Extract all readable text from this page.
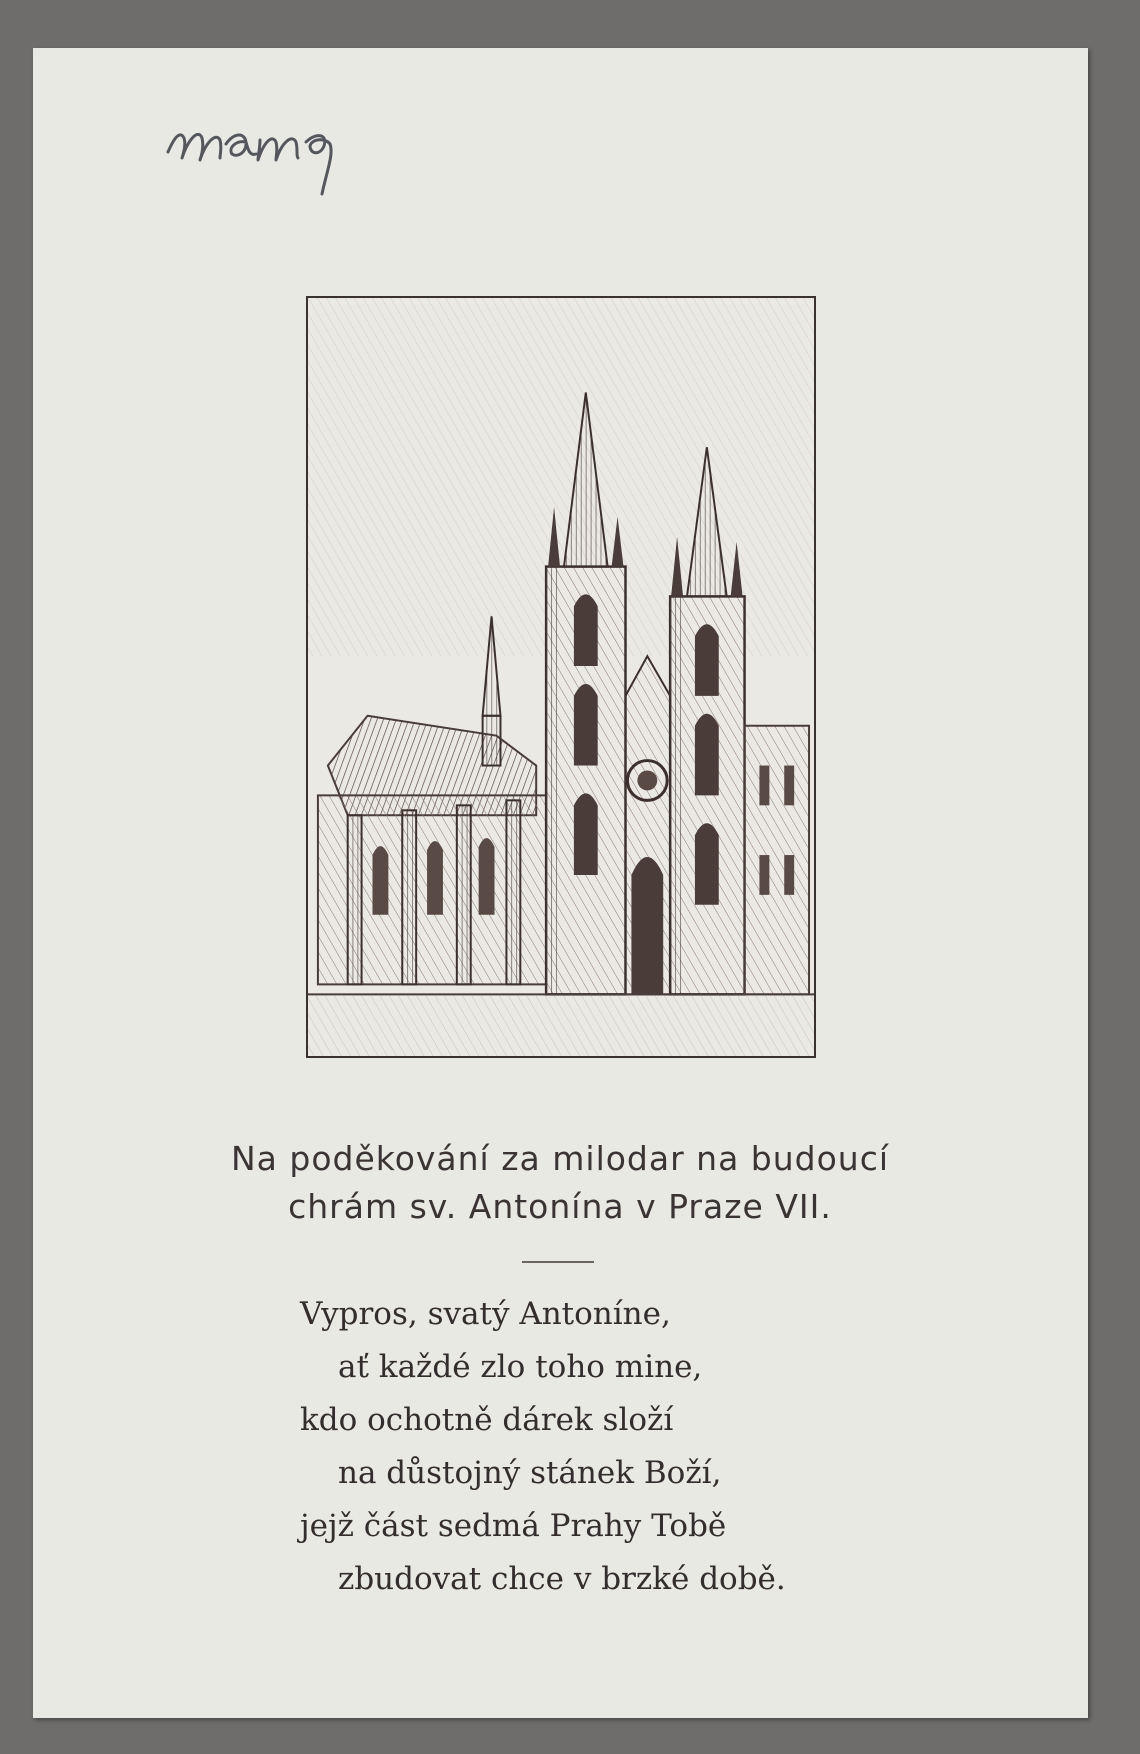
Na poděkování za milodar na budoucí
chrám sv. Antonína v Praze VII.
Vypros, svatý Antoníne,
ať každé zlo toho mine,
kdo ochotně dárek složí
na důstojný stánek Boží,
jejž část sedmá Prahy Tobě
zbudovat chce v brzké době.
